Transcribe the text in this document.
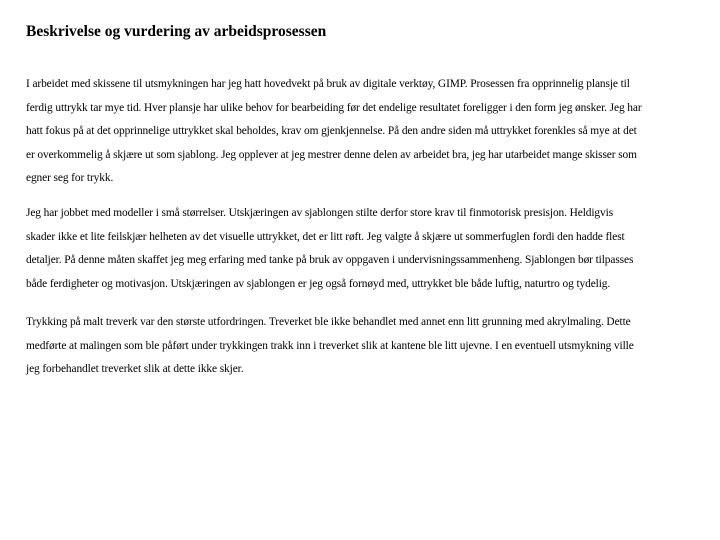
Beskrivelse og vurdering av arbeidsprosessen

I arbeidet med skissene til utsmykningen har jeg hatt hovedvekt på bruk av digitale verktøy, GIMP. Prosessen fra opprinnelig plansje til
ferdig uttrykk tar mye tid. Hver plansje har ulike behov for bearbeiding før det endelige resultatet foreligger i den form jeg ønsker. Jeg har
hatt fokus på at det opprinnelige uttrykket skal beholdes, krav om gjenkjennelse. På den andre siden må uttrykket forenkles så mye at det
er overkommelig å skjære ut som sjablong. Jeg opplever at jeg mestrer denne delen av arbeidet bra, jeg har utarbeidet mange skisser som
egner seg for trykk.

Jeg har jobbet med modeller i små størrelser. Utskjæringen av sjablongen stilte derfor store krav til finmotorisk presisjon. Heldigvis
skader ikke et lite feilskjær helheten av det visuelle uttrykket, det er litt røft. Jeg valgte å skjære ut sommerfuglen fordi den hadde flest
detaljer. På denne måten skaffet jeg meg erfaring med tanke på bruk av oppgaven i undervisningssammenheng. Sjablongen bør tilpasses
både ferdigheter og motivasjon. Utskjæringen av sjablongen er jeg også fornøyd med, uttrykket ble både luftig, naturtro og tydelig.

Trykking på malt treverk var den største utfordringen. Treverket ble ikke behandlet med annet enn litt grunning med akrylmaling. Dette
medførte at malingen som ble påført under trykkingen trakk inn i treverket slik at kantene ble litt ujevne. I en eventuell utsmykning ville
jeg forbehandlet treverket slik at dette ikke skjer.
